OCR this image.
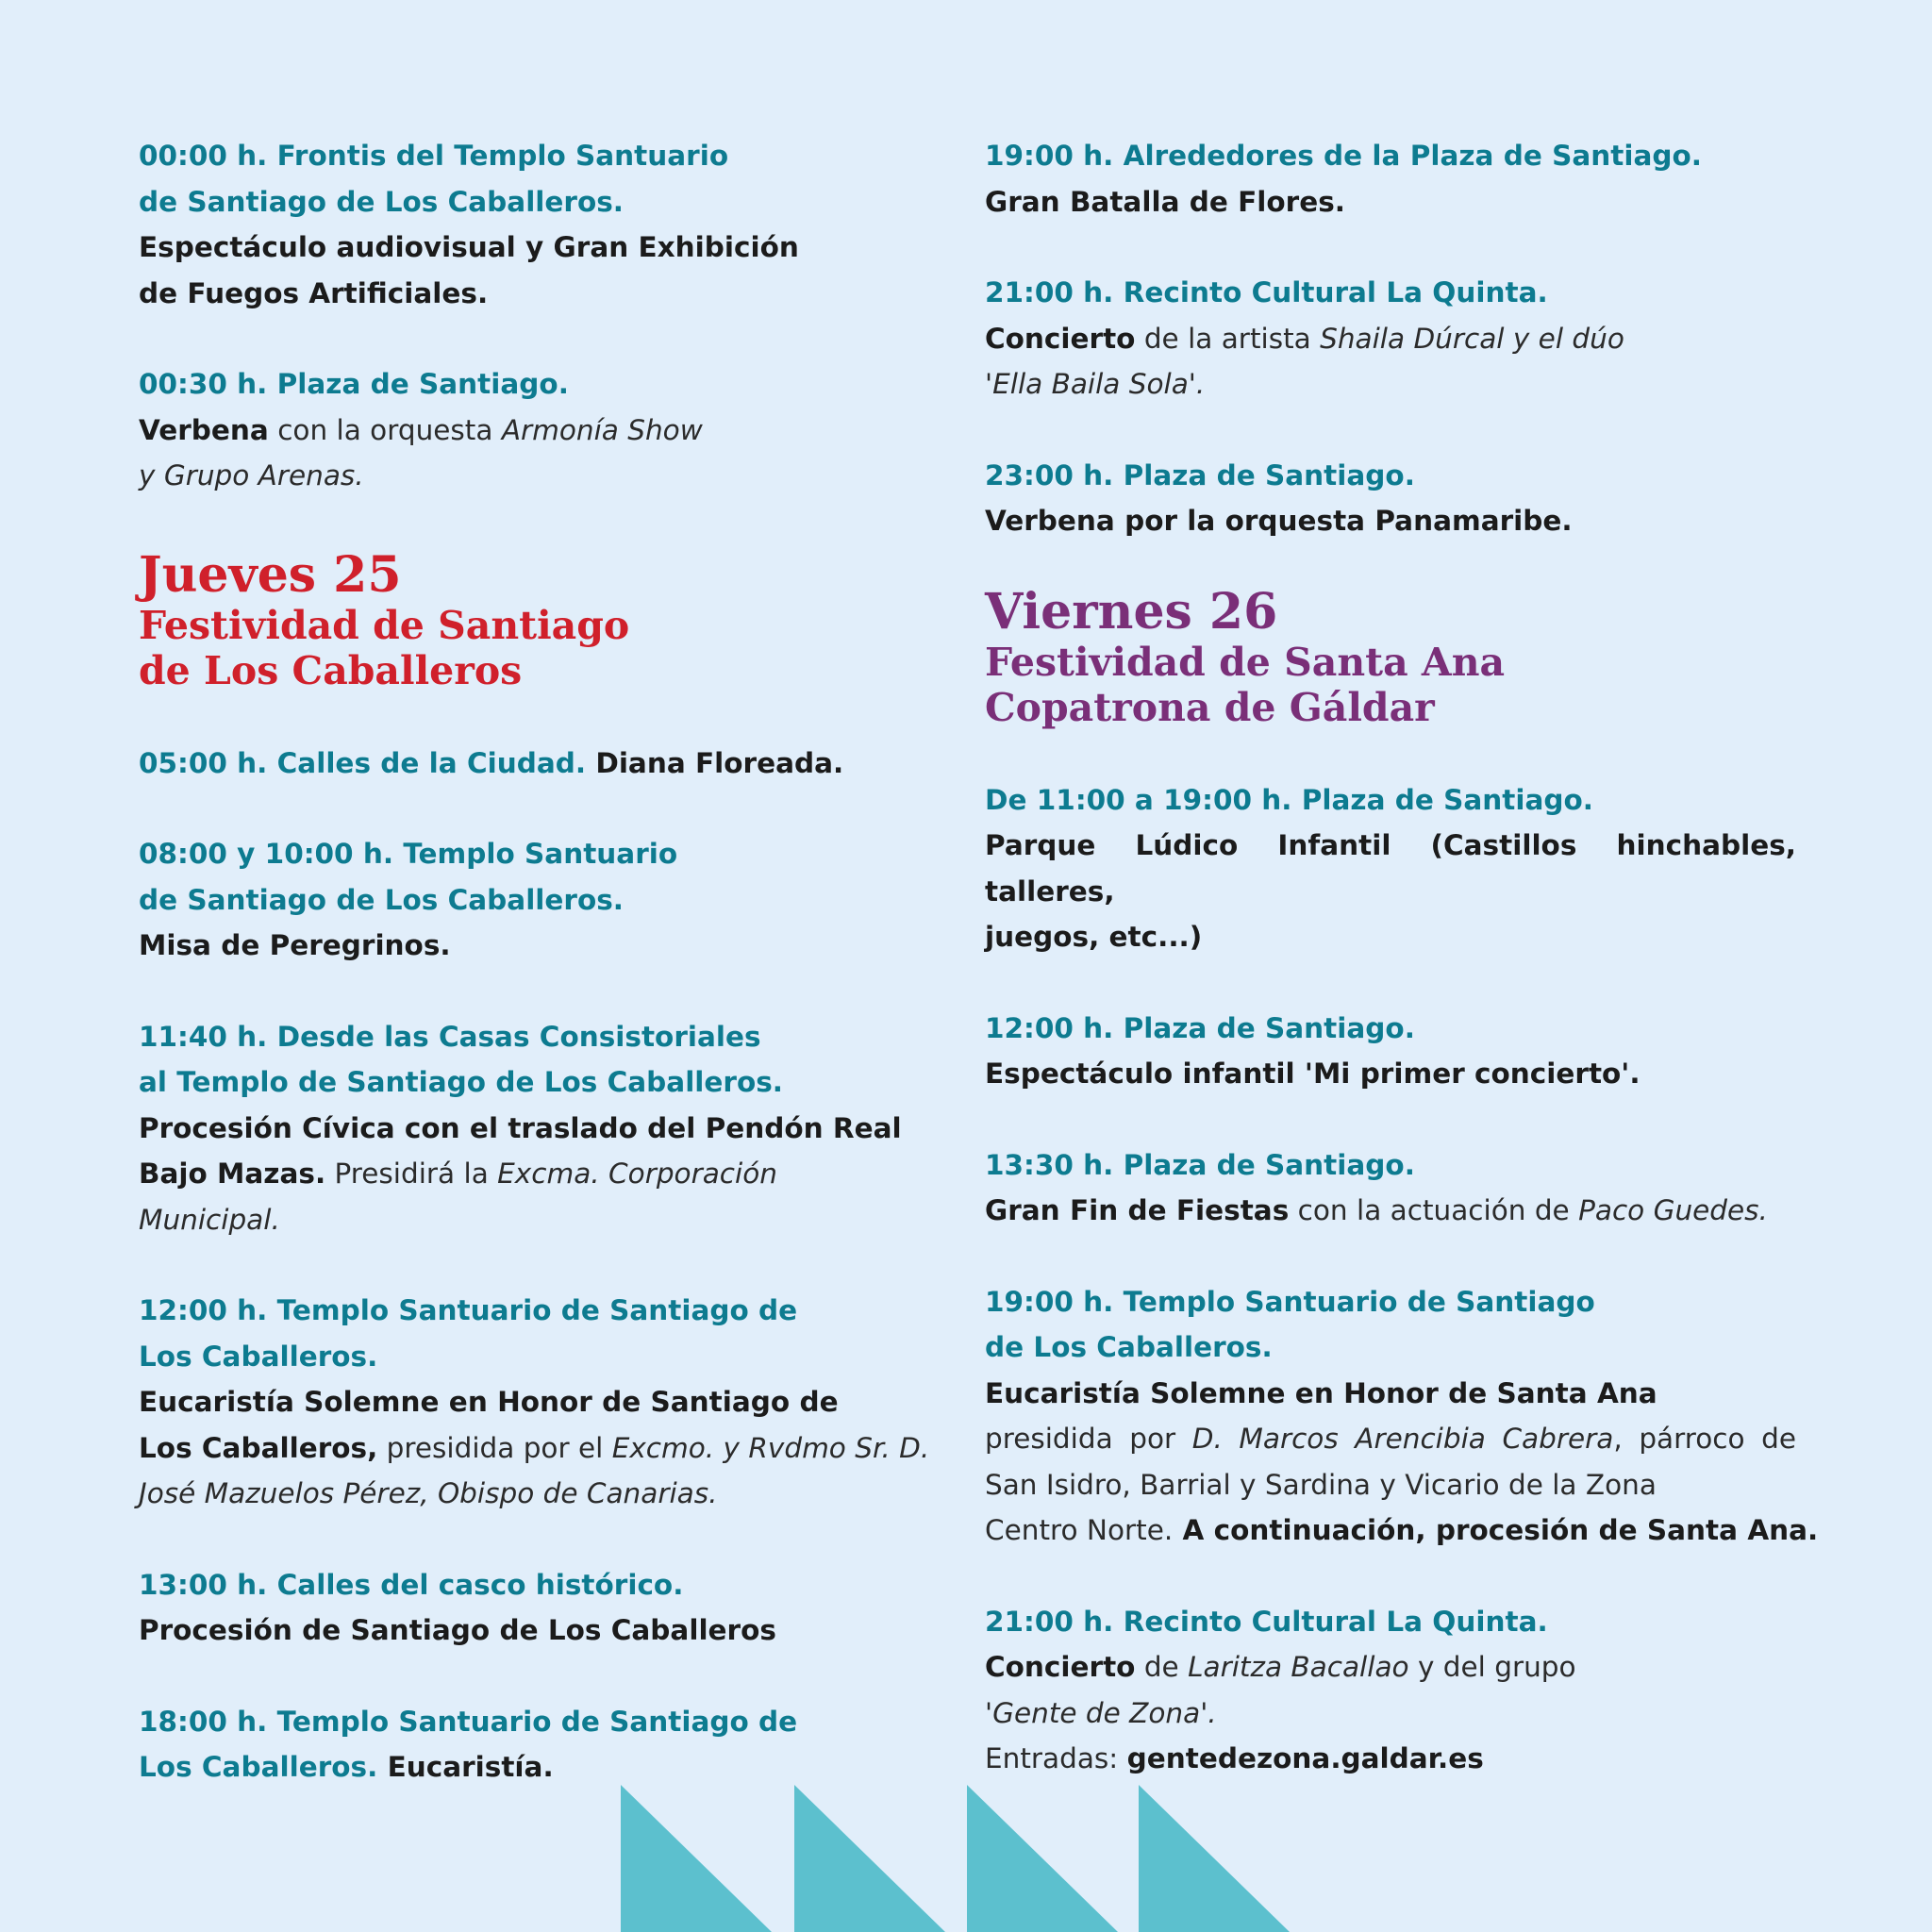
00:00 h. Frontis del Templo Santuario
de Santiago de Los Caballeros.
Espectáculo audiovisual y Gran Exhibición
de Fuegos Artificiales.
00:30 h. Plaza de Santiago.
Verbena con la orquesta Armonía Show
y Grupo Arenas.
Jueves 25
Festividad de Santiago
de Los Caballeros
05:00 h. Calles de la Ciudad. Diana Floreada.
08:00 y 10:00 h. Templo Santuario
de Santiago de Los Caballeros.
Misa de Peregrinos.
11:40 h. Desde las Casas Consistoriales
al Templo de Santiago de Los Caballeros.
Procesión Cívica con el traslado del Pendón Real
Bajo Mazas. Presidirá la Excma. Corporación
Municipal.
12:00 h. Templo Santuario de Santiago de
Los Caballeros.
Eucaristía Solemne en Honor de Santiago de
Los Caballeros, presidida por el Excmo. y Rvdmo Sr. D.
José Mazuelos Pérez, Obispo de Canarias.
13:00 h. Calles del casco histórico.
Procesión de Santiago de Los Caballeros
18:00 h. Templo Santuario de Santiago de
Los Caballeros. Eucaristía.
19:00 h. Alrededores de la Plaza de Santiago.
Gran Batalla de Flores.
21:00 h. Recinto Cultural La Quinta.
Concierto de la artista Shaila Dúrcal y el dúo
'Ella Baila Sola'.
23:00 h. Plaza de Santiago.
Verbena por la orquesta Panamaribe.
Viernes 26
Festividad de Santa Ana
Copatrona de Gáldar
De 11:00 a 19:00 h. Plaza de Santiago.
Parque Lúdico Infantil (Castillos hinchables, talleres,
juegos, etc...)
12:00 h. Plaza de Santiago.
Espectáculo infantil 'Mi primer concierto'.
13:30 h. Plaza de Santiago.
Gran Fin de Fiestas con la actuación de Paco Guedes.
19:00 h. Templo Santuario de Santiago
de Los Caballeros.
Eucaristía Solemne en Honor de Santa Ana
presidida por D. Marcos Arencibia Cabrera, párroco de
San Isidro, Barrial y Sardina y Vicario de la Zona
Centro Norte. A continuación, procesión de Santa Ana.
21:00 h. Recinto Cultural La Quinta.
Concierto de Laritza Bacallao y del grupo
'Gente de Zona'.
Entradas: gentedezona.galdar.es
